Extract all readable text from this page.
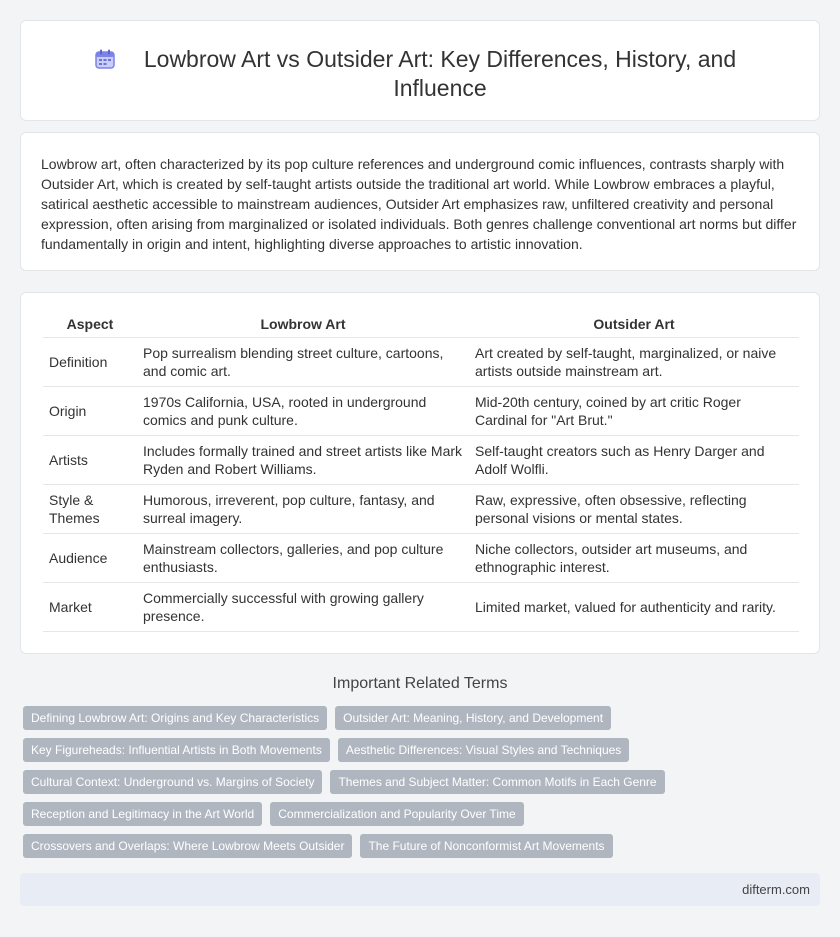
Lowbrow Art vs Outsider Art: Key Differences, History, and Influence

Lowbrow art, often characterized by its pop culture references and underground comic influences, contrasts sharply with Outsider Art, which is created by self-taught artists outside the traditional art world. While Lowbrow embraces a playful, satirical aesthetic accessible to mainstream audiences, Outsider Art emphasizes raw, unfiltered creativity and personal expression, often arising from marginalized or isolated individuals. Both genres challenge conventional art norms but differ fundamentally in origin and intent, highlighting diverse approaches to artistic innovation.

Aspect	Lowbrow Art	Outsider Art
Definition	Pop surrealism blending street culture, cartoons, and comic art.	Art created by self-taught, marginalized, or naive artists outside mainstream art.
Origin	1970s California, USA, rooted in underground comics and punk culture.	Mid-20th century, coined by art critic Roger Cardinal for "Art Brut."
Artists	Includes formally trained and street artists like Mark Ryden and Robert Williams.	Self-taught creators such as Henry Darger and Adolf Wolfli.
Style & Themes	Humorous, irreverent, pop culture, fantasy, and surreal imagery.	Raw, expressive, often obsessive, reflecting personal visions or mental states.
Audience	Mainstream collectors, galleries, and pop culture enthusiasts.	Niche collectors, outsider art museums, and ethnographic interest.
Market	Commercially successful with growing gallery presence.	Limited market, valued for authenticity and rarity.
Important Related Terms
Defining Lowbrow Art: Origins and Key Characteristics	Outsider Art: Meaning, History, and Development
Key Figureheads: Influential Artists in Both Movements	Aesthetic Differences: Visual Styles and Techniques
Cultural Context: Underground vs. Margins of Society	Themes and Subject Matter: Common Motifs in Each Genre
Reception and Legitimacy in the Art World	Commercialization and Popularity Over Time
Crossovers and Overlaps: Where Lowbrow Meets Outsider	The Future of Nonconformist Art Movements
difterm.com
